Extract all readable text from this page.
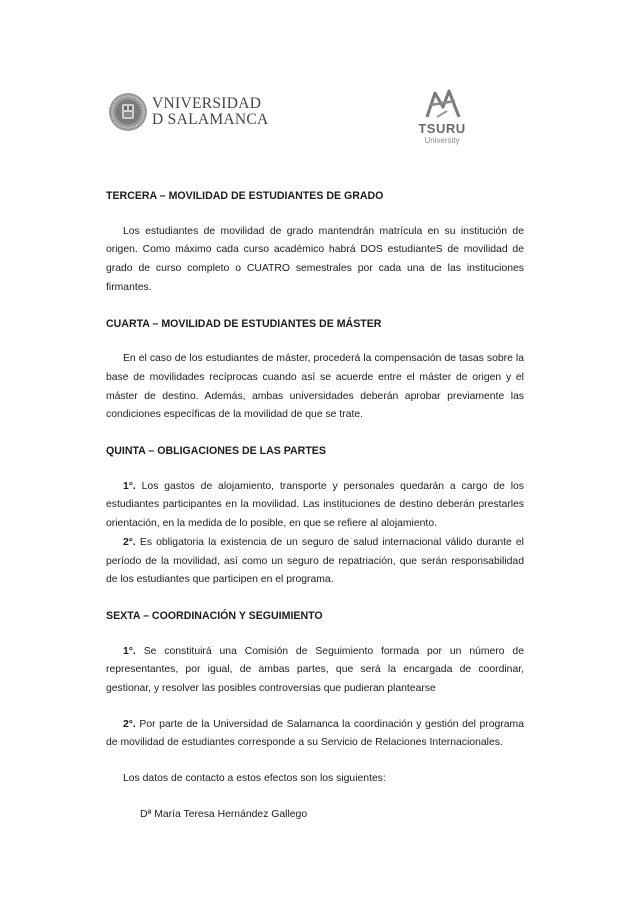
VNIVERSIDAD
D SALAMANCA
TSURU
University
TERCERA – MOVILIDAD DE ESTUDIANTES DE GRADO

Los estudiantes de movilidad de grado mantendrán matrícula en su institución de origen. Como máximo cada curso académico habrá DOS estudianteS de movilidad de grado de curso completo o CUATRO semestrales por cada una de las instituciones firmantes.

CUARTA – MOVILIDAD DE ESTUDIANTES DE MÁSTER

En el caso de los estudiantes de máster, procederá la compensación de tasas sobre la base de movilidades recíprocas cuando así se acuerde entre el máster de origen y el máster de destino. Además, ambas universidades deberán aprobar previamente las condiciones específicas de la movilidad de que se trate.

QUINTA – OBLIGACIONES DE LAS PARTES

1°. Los gastos de alojamiento, transporte y personales quedarán a cargo de los estudiantes participantes en la movilidad. Las instituciones de destino deberán prestarles orientación, en la medida de lo posible, en que se refiere al alojamiento.

2°. Es obligatoria la existencia de un seguro de salud internacional válido durante el período de la movilidad, así como un seguro de repatriación, que serán responsabilidad de los estudiantes que participen en el programa.

SEXTA – COORDINACIÓN Y SEGUIMIENTO

1°. Se constituirá una Comisión de Seguimiento formada por un número de representantes, por igual, de ambas partes, que será la encargada de coordinar, gestionar, y resolver las posibles controversias que pudieran plantearse

2°. Por parte de la Universidad de Salamanca la coordinación y gestión del programa de movilidad de estudiantes corresponde a su Servicio de Relaciones Internacionales.

Los datos de contacto a estos efectos son los siguientes:

Dª María Teresa Hernández Gallego
